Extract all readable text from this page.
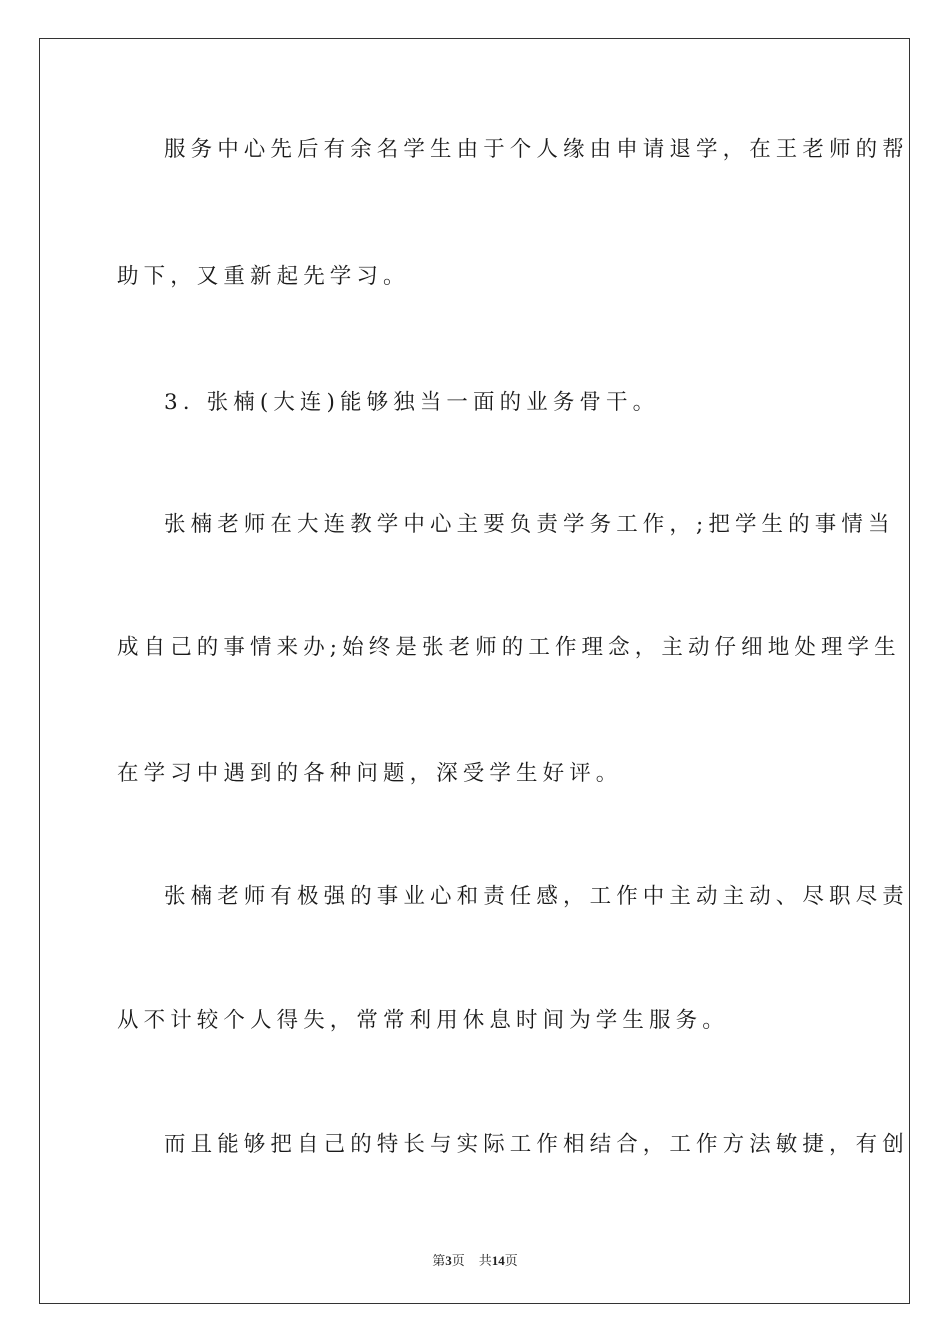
服务中心先后有余名学生由于个人缘由申请退学，在王老师的帮
助下，又重新起先学习。
3. 张楠(大连)能够独当一面的业务骨干。
张楠老师在大连教学中心主要负责学务工作，;把学生的事情当
成自己的事情来办;始终是张老师的工作理念，主动仔细地处理学生
在学习中遇到的各种问题，深受学生好评。
张楠老师有极强的事业心和责任感，工作中主动主动、尽职尽责
从不计较个人得失，常常利用休息时间为学生服务。
而且能够把自己的特长与实际工作相结合，工作方法敏捷，有创
第3页 共14页
